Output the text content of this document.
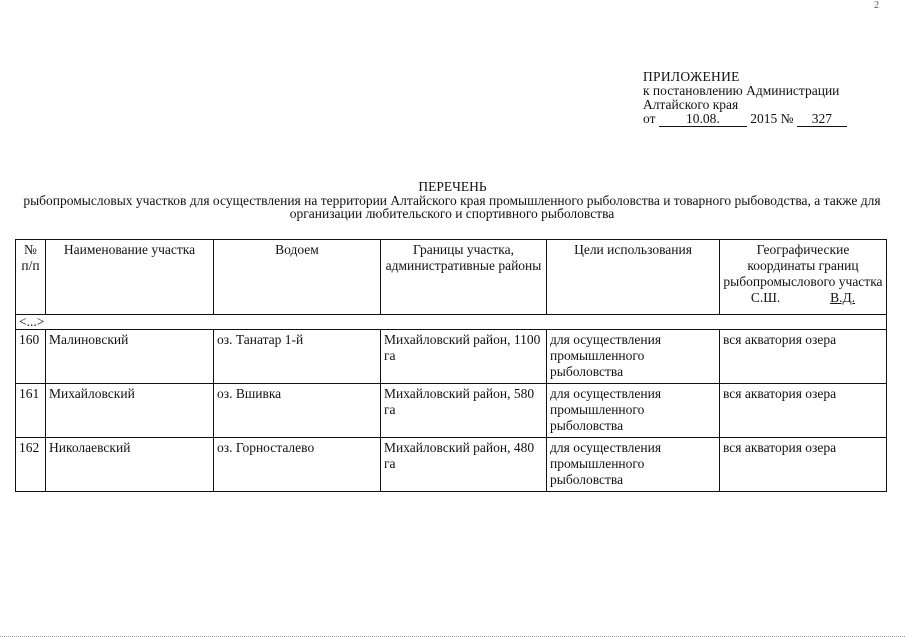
2
ПРИЛОЖЕНИЕ
к постановлению Администрации
Алтайского края
от 10.08. 2015 № 327
ПЕРЕЧЕНЬ
рыбопромысловых участков для осуществления на территории Алтайского края промышленного рыболовства и товарного рыбоводства, а также для организации любительского и спортивного рыболовства
№ п/п	Наименование участка	Водоем	Границы участка, административные районы	Цели использования	Географические координаты границ рыбопромыслового участка
С.Ш. В.Д.

<...>					
160	Малиновский	оз. Танатар 1-й	Михайловский район, 1100 га	для осуществления промышленного рыболовства	вся акватория озера
161	Михайловский	оз. Вшивка	Михайловский район, 580 га	для осуществления промышленного рыболовства	вся акватория озера
162	Николаевский	оз. Горносталево	Михайловский район, 480 га	для осуществления промышленного рыболовства	вся акватория озера
